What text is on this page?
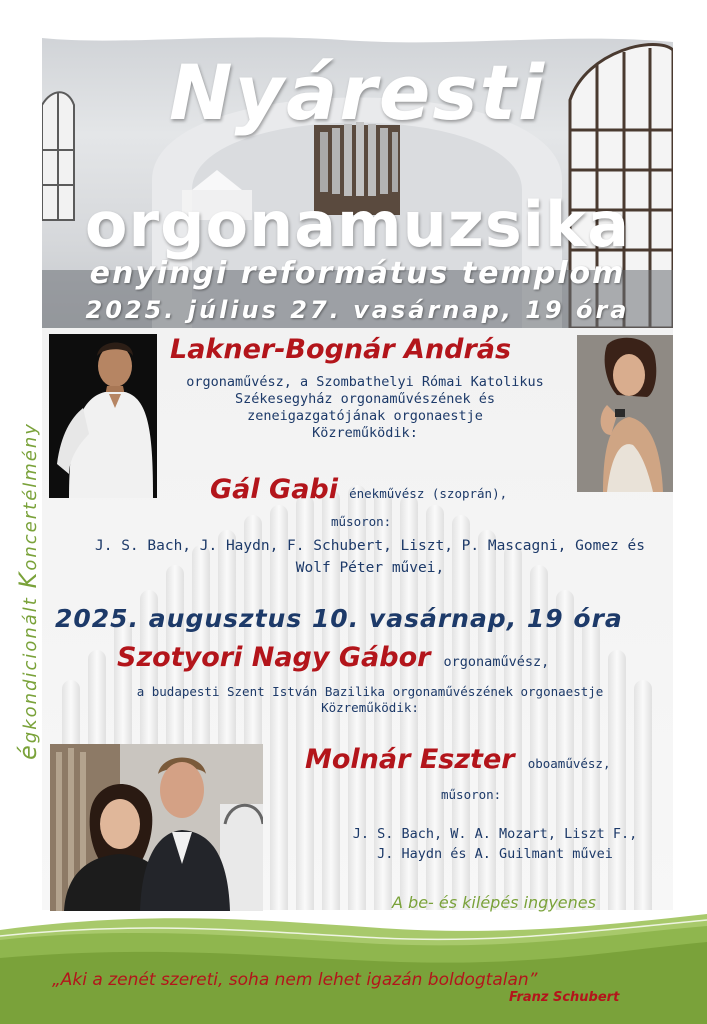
Nyáresti
orgonamuzsika
enyingi református templom
2025. július 27. vasárnap, 19 óra
égkondicionált Koncertélmény
Lakner-Bognár András
orgonaművész, a Szombathelyi Római Katolikus
Székesegyház orgonaművészének és
zeneigazgatójának orgonaestje
Közreműködik:
Gál Gabi énekművész (szoprán),
műsoron:
J. S. Bach, J. Haydn, F. Schubert, Liszt, P. Mascagni, Gomez és
Wolf Péter művei,
2025. augusztus 10. vasárnap, 19 óra
Szotyori Nagy Gábor orgonaművész,
a budapesti Szent István Bazilika orgonaművészének orgonaestje
Közreműködik:
Molnár Eszter oboaművész,
műsoron:
J. S. Bach, W. A. Mozart, Liszt F.,
J. Haydn és A. Guilmant művei
A be- és kilépés ingyenes
„Aki a zenét szereti, soha nem lehet igazán boldogtalan”
Franz Schubert
